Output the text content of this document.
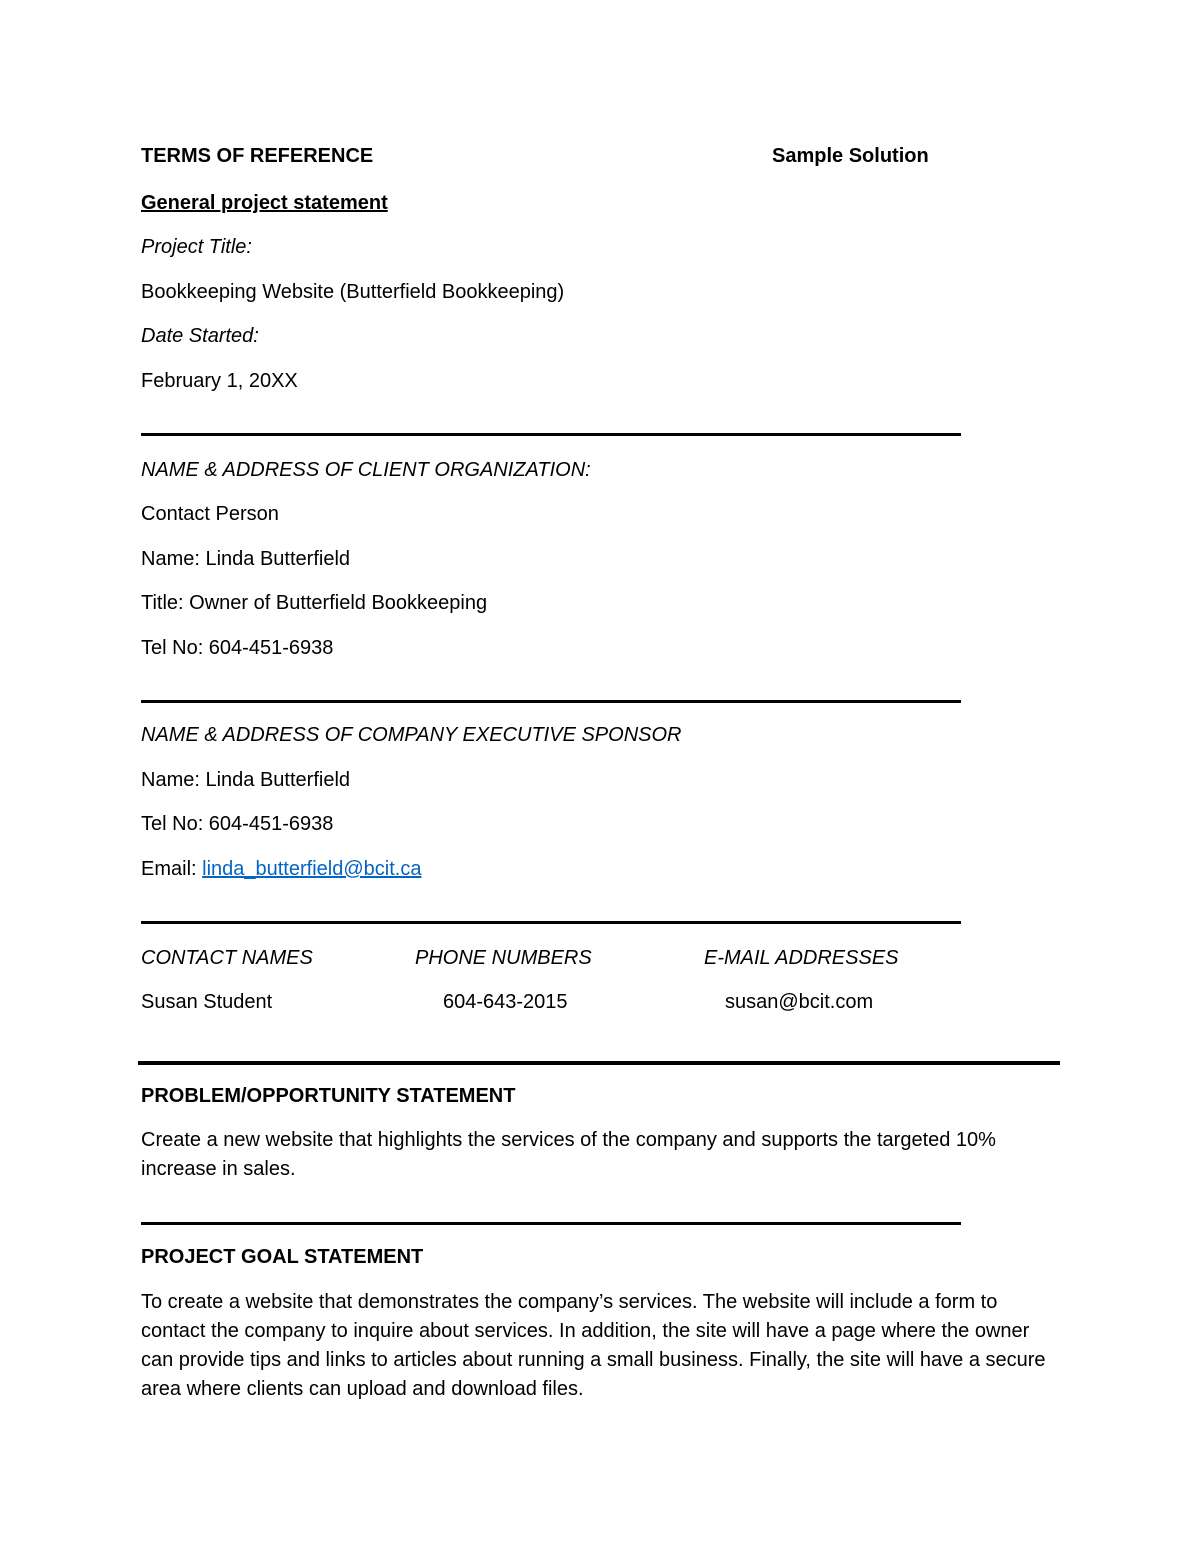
TERMS OF REFERENCE	Sample Solution
General project statement
Project Title:
Bookkeeping Website (Butterfield Bookkeeping)
Date Started:
February 1, 20XX
NAME & ADDRESS OF CLIENT ORGANIZATION:
Contact Person
Name: Linda Butterfield
Title: Owner of Butterfield Bookkeeping
Tel No: 604-451-6938
NAME & ADDRESS OF COMPANY EXECUTIVE SPONSOR
Name: Linda Butterfield
Tel No: 604-451-6938
Email: linda_butterfield@bcit.ca
CONTACT NAMES	PHONE NUMBERS	E-MAIL ADDRESSES
Susan Student	604-643-2015	susan@bcit.com
PROBLEM/OPPORTUNITY STATEMENT
Create a new website that highlights the services of the company and supports the targeted 10% increase in sales.
PROJECT GOAL STATEMENT
To create a website that demonstrates the company’s services. The website will include a form to contact the company to inquire about services. In addition, the site will have a page where the owner can provide tips and links to articles about running a small business. Finally, the site will have a secure area where clients can upload and download files.
